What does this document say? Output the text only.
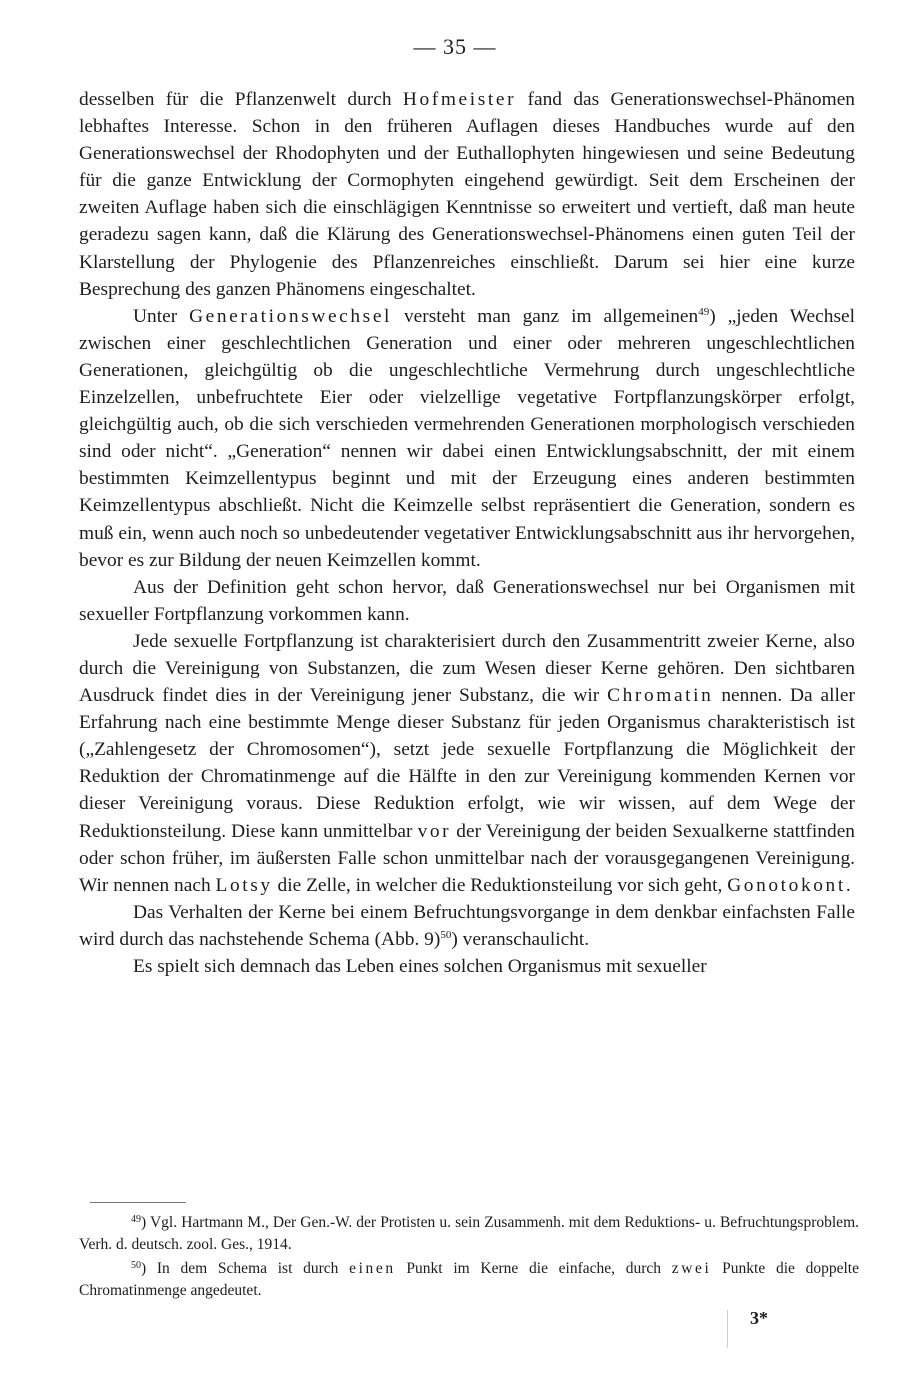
— 35 —

desselben für die Pflanzenwelt durch Hofmeister fand das Generationswechsel-Phänomen lebhaftes Interesse. Schon in den früheren Auflagen dieses Handbuches wurde auf den Generationswechsel der Rhodophyten und der Euthallophyten hingewiesen und seine Bedeutung für die ganze Entwicklung der Cormophyten eingehend gewürdigt. Seit dem Erscheinen der zweiten Auflage haben sich die einschlägigen Kenntnisse so erweitert und vertieft, daß man heute geradezu sagen kann, daß die Klärung des Generationswechsel-Phänomens einen guten Teil der Klarstellung der Phylogenie des Pflanzenreiches einschließt. Darum sei hier eine kurze Besprechung des ganzen Phänomens eingeschaltet.

Unter Generationswechsel versteht man ganz im allgemeinen$^{49}$) „jeden Wechsel zwischen einer geschlechtlichen Generation und einer oder mehreren ungeschlechtlichen Generationen, gleichgültig ob die ungeschlechtliche Vermehrung durch ungeschlechtliche Einzelzellen, unbefruchtete Eier oder vielzellige vegetative Fortpflanzungskörper erfolgt, gleichgültig auch, ob die sich verschieden vermehrenden Generationen morphologisch verschieden sind oder nicht“. „Generation“ nennen wir dabei einen Entwicklungsabschnitt, der mit einem bestimmten Keimzellentypus beginnt und mit der Erzeugung eines anderen bestimmten Keimzellentypus abschließt. Nicht die Keimzelle selbst repräsentiert die Generation, sondern es muß ein, wenn auch noch so unbedeutender vegetativer Entwicklungsabschnitt aus ihr hervorgehen, bevor es zur Bildung der neuen Keimzellen kommt.

Aus der Definition geht schon hervor, daß Generationswechsel nur bei Organismen mit sexueller Fortpflanzung vorkommen kann.

Jede sexuelle Fortpflanzung ist charakterisiert durch den Zusammentritt zweier Kerne, also durch die Vereinigung von Substanzen, die zum Wesen dieser Kerne gehören. Den sichtbaren Ausdruck findet dies in der Vereinigung jener Substanz, die wir Chromatin nennen. Da aller Erfahrung nach eine bestimmte Menge dieser Substanz für jeden Organismus charakteristisch ist („Zahlengesetz der Chromosomen“), setzt jede sexuelle Fortpflanzung die Möglichkeit der Reduktion der Chromatinmenge auf die Hälfte in den zur Vereinigung kommenden Kernen vor dieser Vereinigung voraus. Diese Reduktion erfolgt, wie wir wissen, auf dem Wege der Reduktionsteilung. Diese kann unmittelbar vor der Vereinigung der beiden Sexualkerne stattfinden oder schon früher, im äußersten Falle schon unmittelbar nach der vorausgegangenen Vereinigung. Wir nennen nach Lotsy die Zelle, in welcher die Reduktionsteilung vor sich geht, Gonotokont.

Das Verhalten der Kerne bei einem Befruchtungsvorgange in dem denkbar einfachsten Falle wird durch das nachstehende Schema (Abb. 9)$^{50}$) veranschaulicht.

Es spielt sich demnach das Leben eines solchen Organismus mit sexueller

$^{49}$) Vgl. Hartmann M., Der Gen.-W. der Protisten u. sein Zusammenh. mit dem Reduktions- u. Befruchtungsproblem. Verh. d. deutsch. zool. Ges., 1914.

$^{50}$) In dem Schema ist durch einen Punkt im Kerne die einfache, durch zwei Punkte die doppelte Chromatinmenge angedeutet.

3*
